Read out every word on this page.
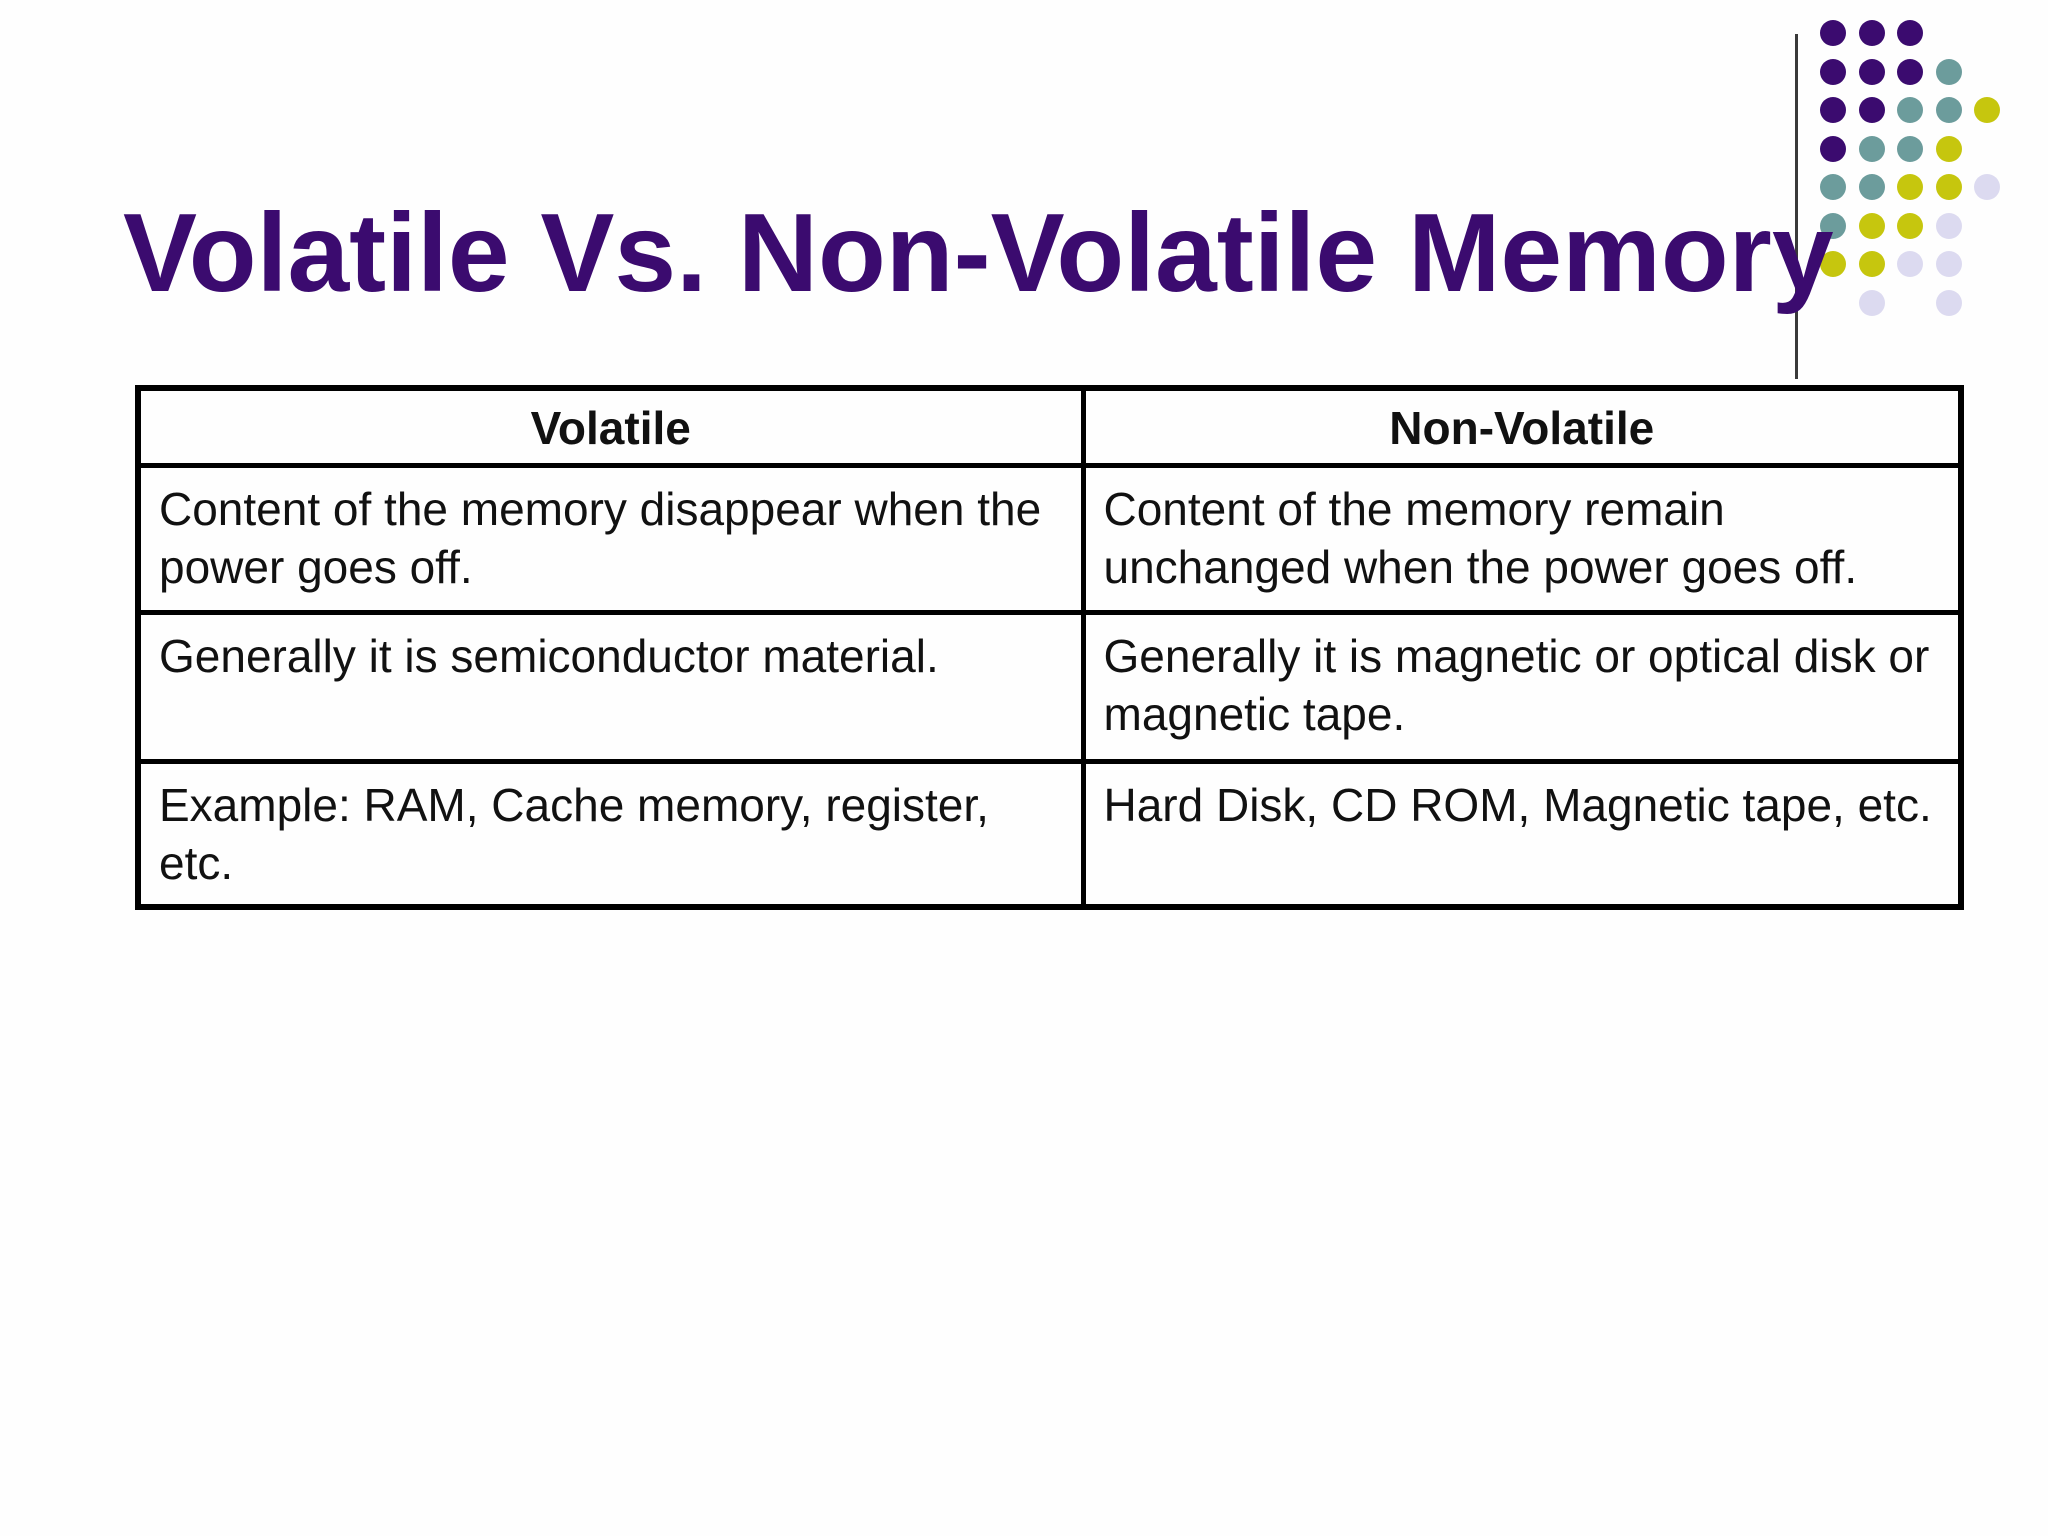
Volatile Vs. Non-Volatile Memory
Volatile	Non-Volatile
Content of the memory disappear when the power goes off.	Content of the memory remain unchanged when the power goes off.
Generally it is semiconductor material.	Generally it is magnetic or optical disk or magnetic tape.
Example: RAM, Cache memory, register, etc.	Hard Disk, CD ROM, Magnetic tape, etc.
